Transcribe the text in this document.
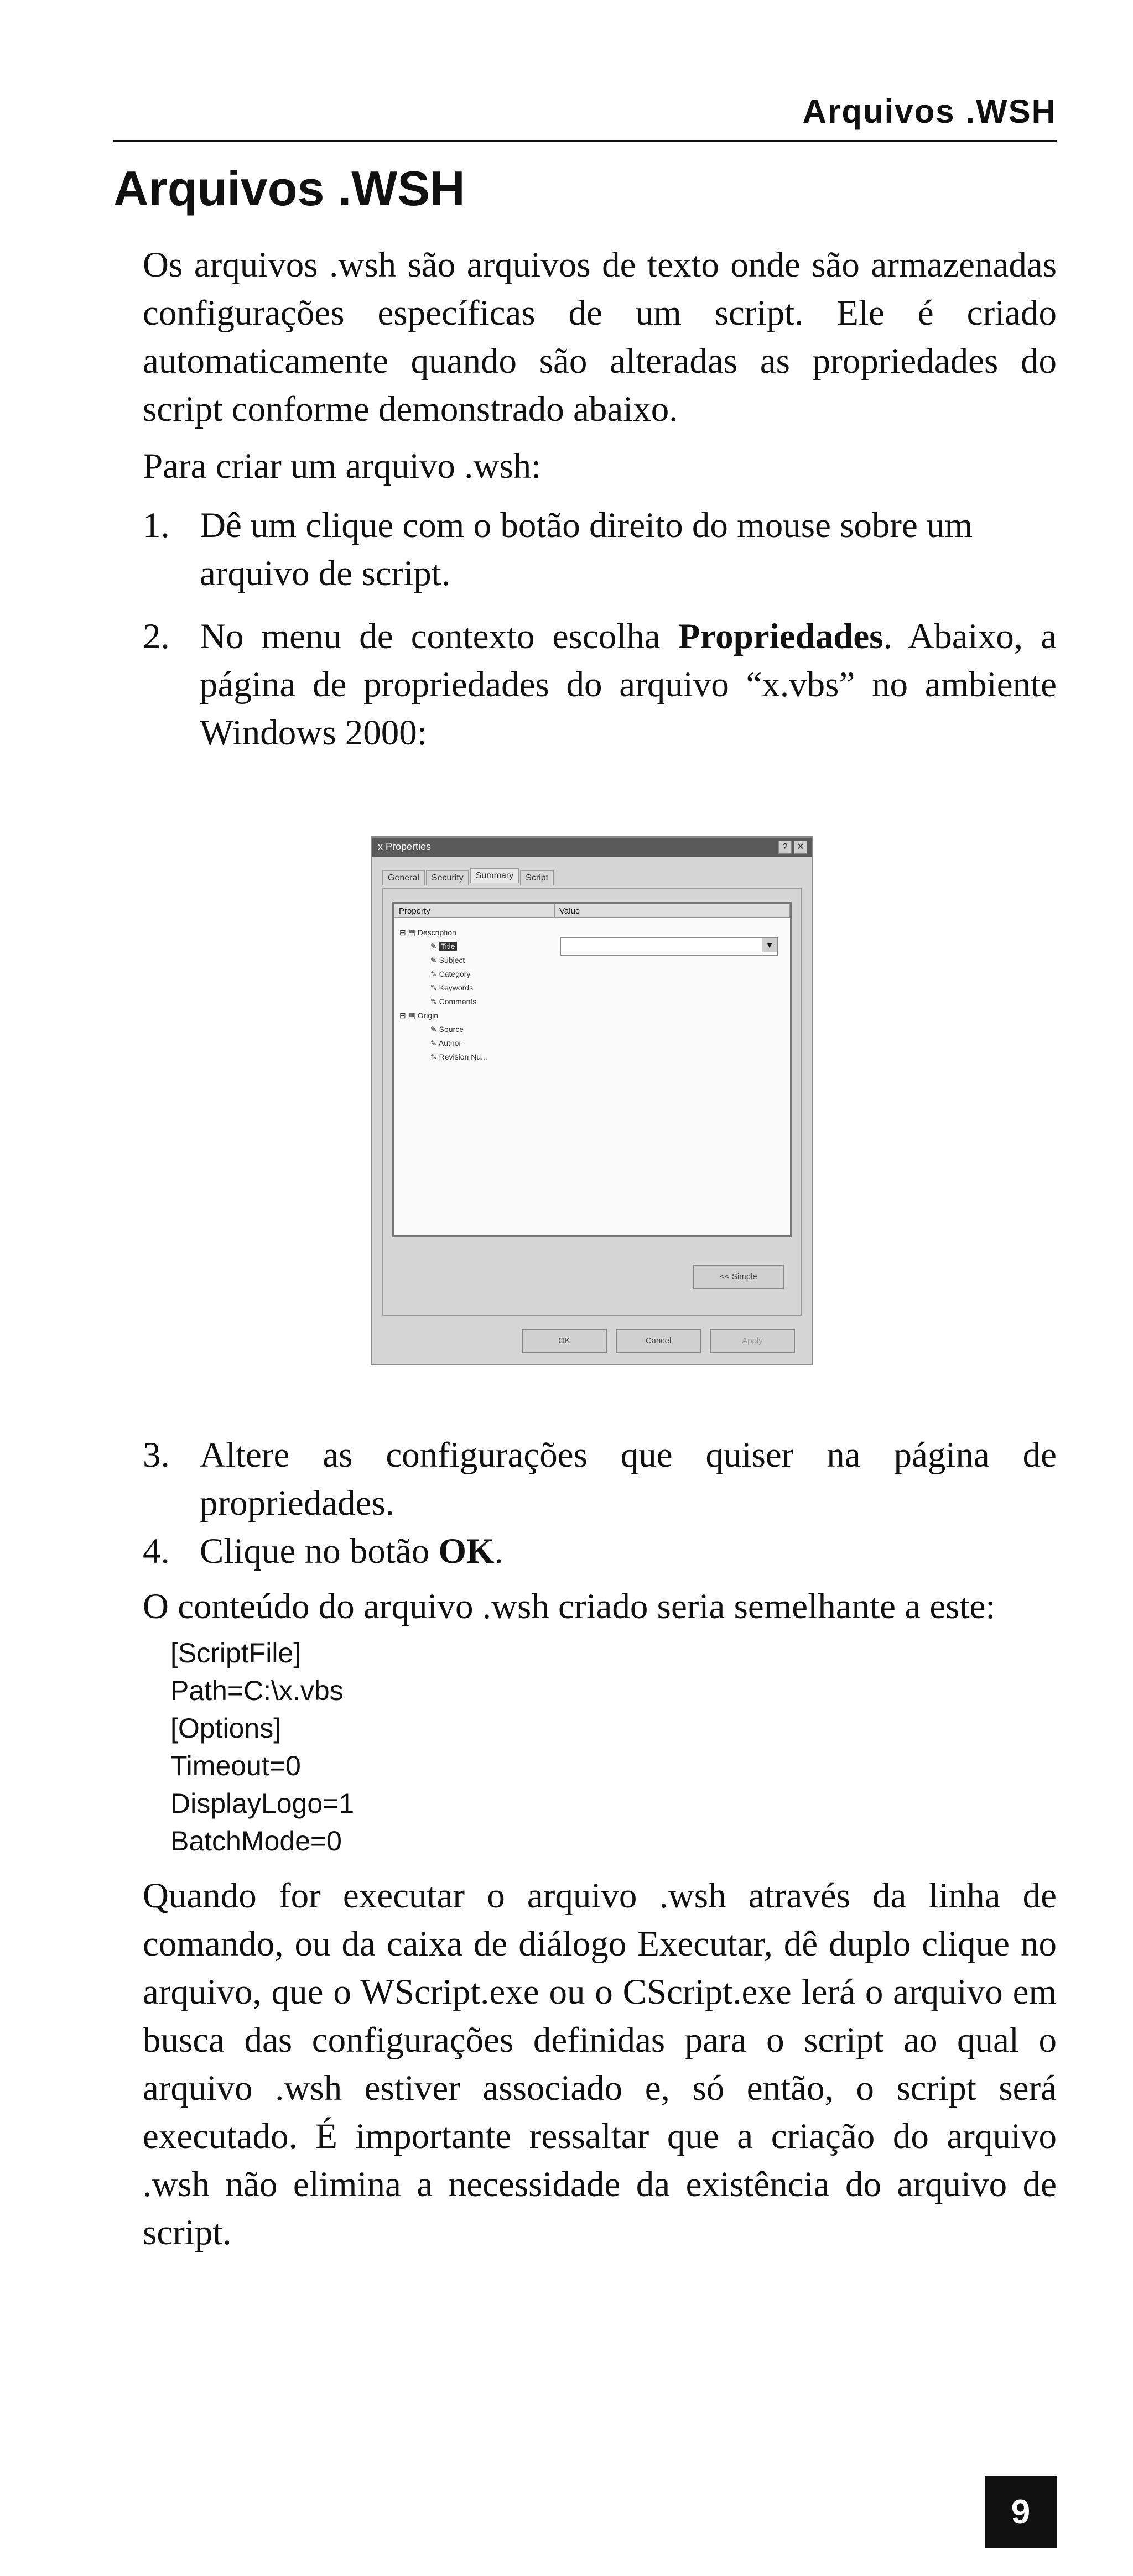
Arquivos .WSH
Arquivos .WSH

Os arquivos .wsh são arquivos de texto onde são armazenadas configurações específicas de um script. Ele é criado automaticamente quando são alteradas as propriedades do script conforme demonstrado abaixo.

Para criar um arquivo .wsh:

1. Dê um clique com o botão direito do mouse sobre um arquivo de script.
2. No menu de contexto escolha Propriedades. Abaixo, a página de propriedades do arquivo “x.vbs” no ambiente Windows 2000:
x Properties	?	✕
General	Security	Summary	Script
Property	Value
⊟ ▤ Description
✎ Title
✎ Subject
✎ Category
✎ Keywords
✎ Comments
⊟ ▤ Origin
✎ Source
✎ Author
✎ Revision Nu...
▼
<< Simple
OK	Cancel	Apply
3. Altere as configurações que quiser na página de propriedades.
4. Clique no botão OK.

O conteúdo do arquivo .wsh criado seria semelhante a este:

[ScriptFile]
Path=C:\x.vbs
[Options]
Timeout=0
DisplayLogo=1
BatchMode=0

Quando for executar o arquivo .wsh através da linha de comando, ou da caixa de diálogo Executar, dê duplo clique no arquivo, que o WScript.exe ou o CScript.exe lerá o arquivo em busca das configurações definidas para o script ao qual o arquivo .wsh estiver associado e, só então, o script será executado. É importante ressaltar que a criação do arquivo .wsh não elimina a necessidade da existência do arquivo de script.

9
